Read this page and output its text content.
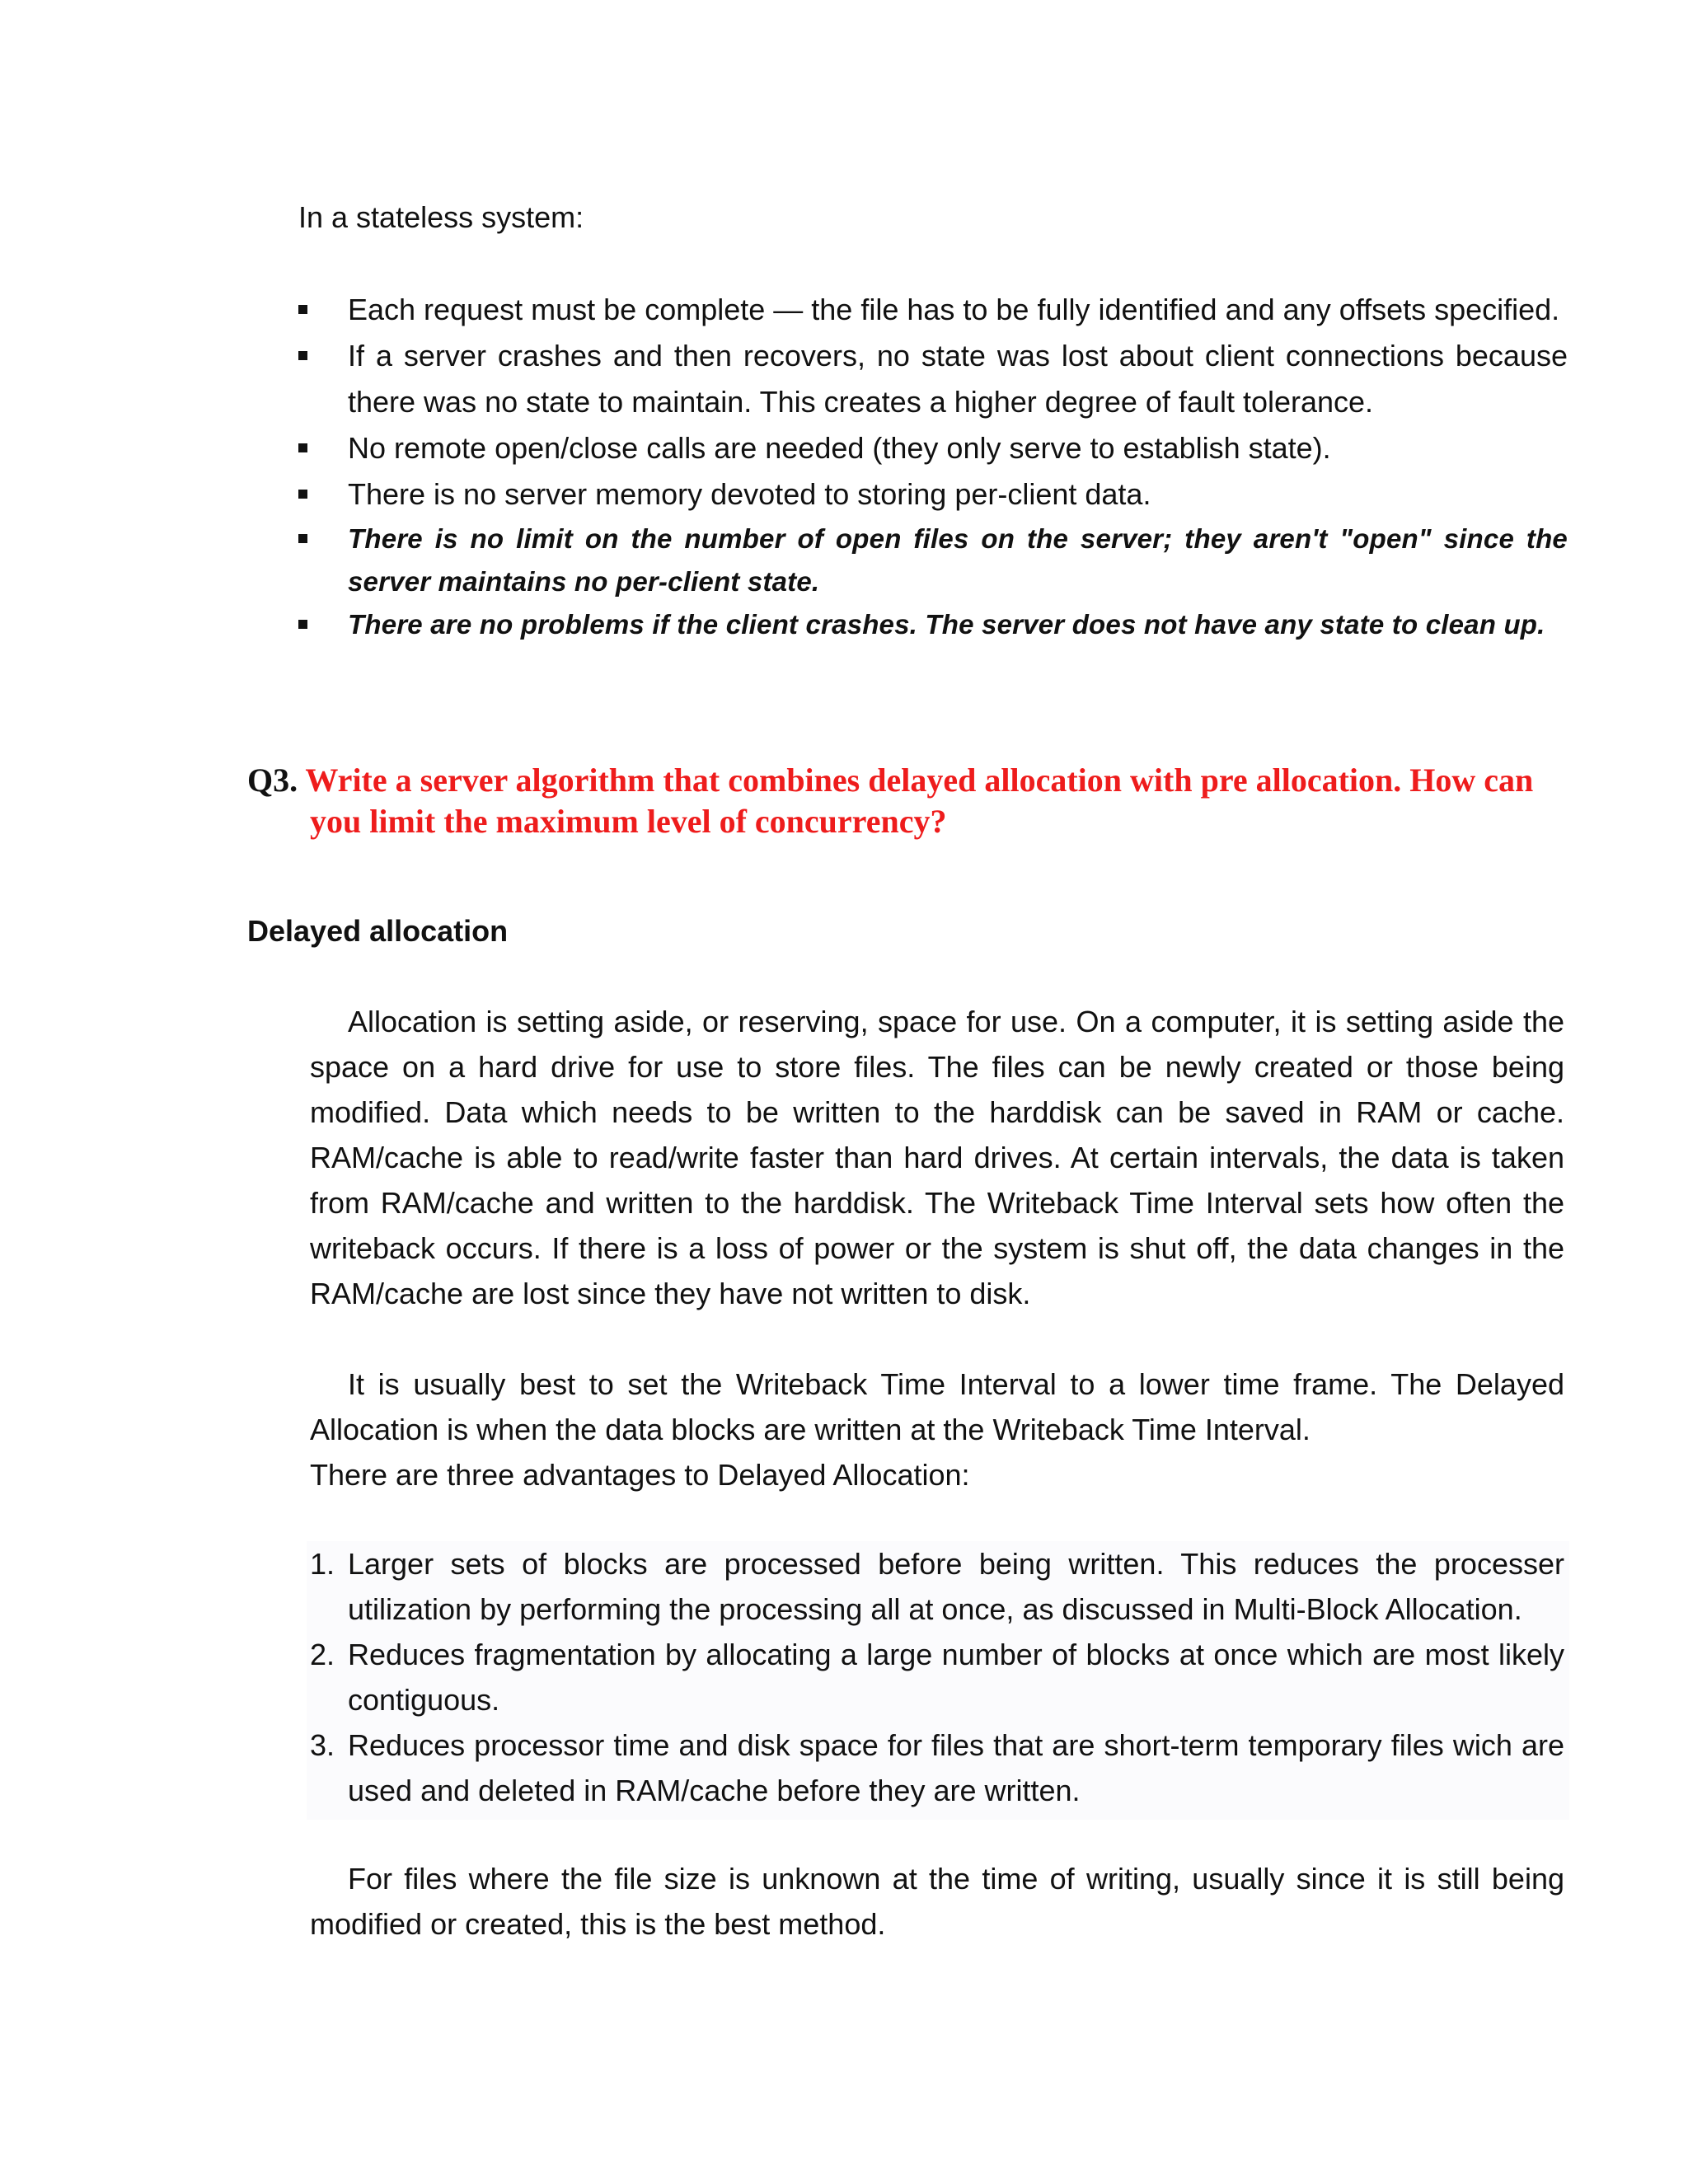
In a stateless system:

Each request must be complete — the file has to be fully identified and any offsets specified.
If a server crashes and then recovers, no state was lost about client connections because there was no state to maintain. This creates a higher degree of fault tolerance.
No remote open/close calls are needed (they only serve to establish state).
There is no server memory devoted to storing per-client data.
There is no limit on the number of open files on the server; they aren't "open" since the server maintains no per-client state.
There are no problems if the client crashes. The server does not have any state to clean up.

Q3. Write a server algorithm that combines delayed allocation with pre allocation. How can
you limit the maximum level of concurrency?

Delayed allocation

Allocation is setting aside, or reserving, space for use. On a computer, it is setting aside the space on a hard drive for use to store files. The files can be newly created or those being modified. Data which needs to be written to the harddisk can be saved in RAM or cache. RAM/cache is able to read/write faster than hard drives. At certain intervals, the data is taken from RAM/cache and written to the harddisk. The Writeback Time Interval sets how often the writeback occurs. If there is a loss of power or the system is shut off, the data changes in the RAM/cache are lost since they have not written to disk.

It is usually best to set the Writeback Time Interval to a lower time frame. The Delayed Allocation is when the data blocks are written at the Writeback Time Interval.

There are three advantages to Delayed Allocation:

1. Larger sets of blocks are processed before being written. This reduces the processer utilization by performing the processing all at once, as discussed in Multi-Block Allocation.
2. Reduces fragmentation by allocating a large number of blocks at once which are most likely contiguous.
3. Reduces processor time and disk space for files that are short-term temporary files wich are used and deleted in RAM/cache before they are written.

For files where the file size is unknown at the time of writing, usually since it is still being modified or created, this is the best method.
